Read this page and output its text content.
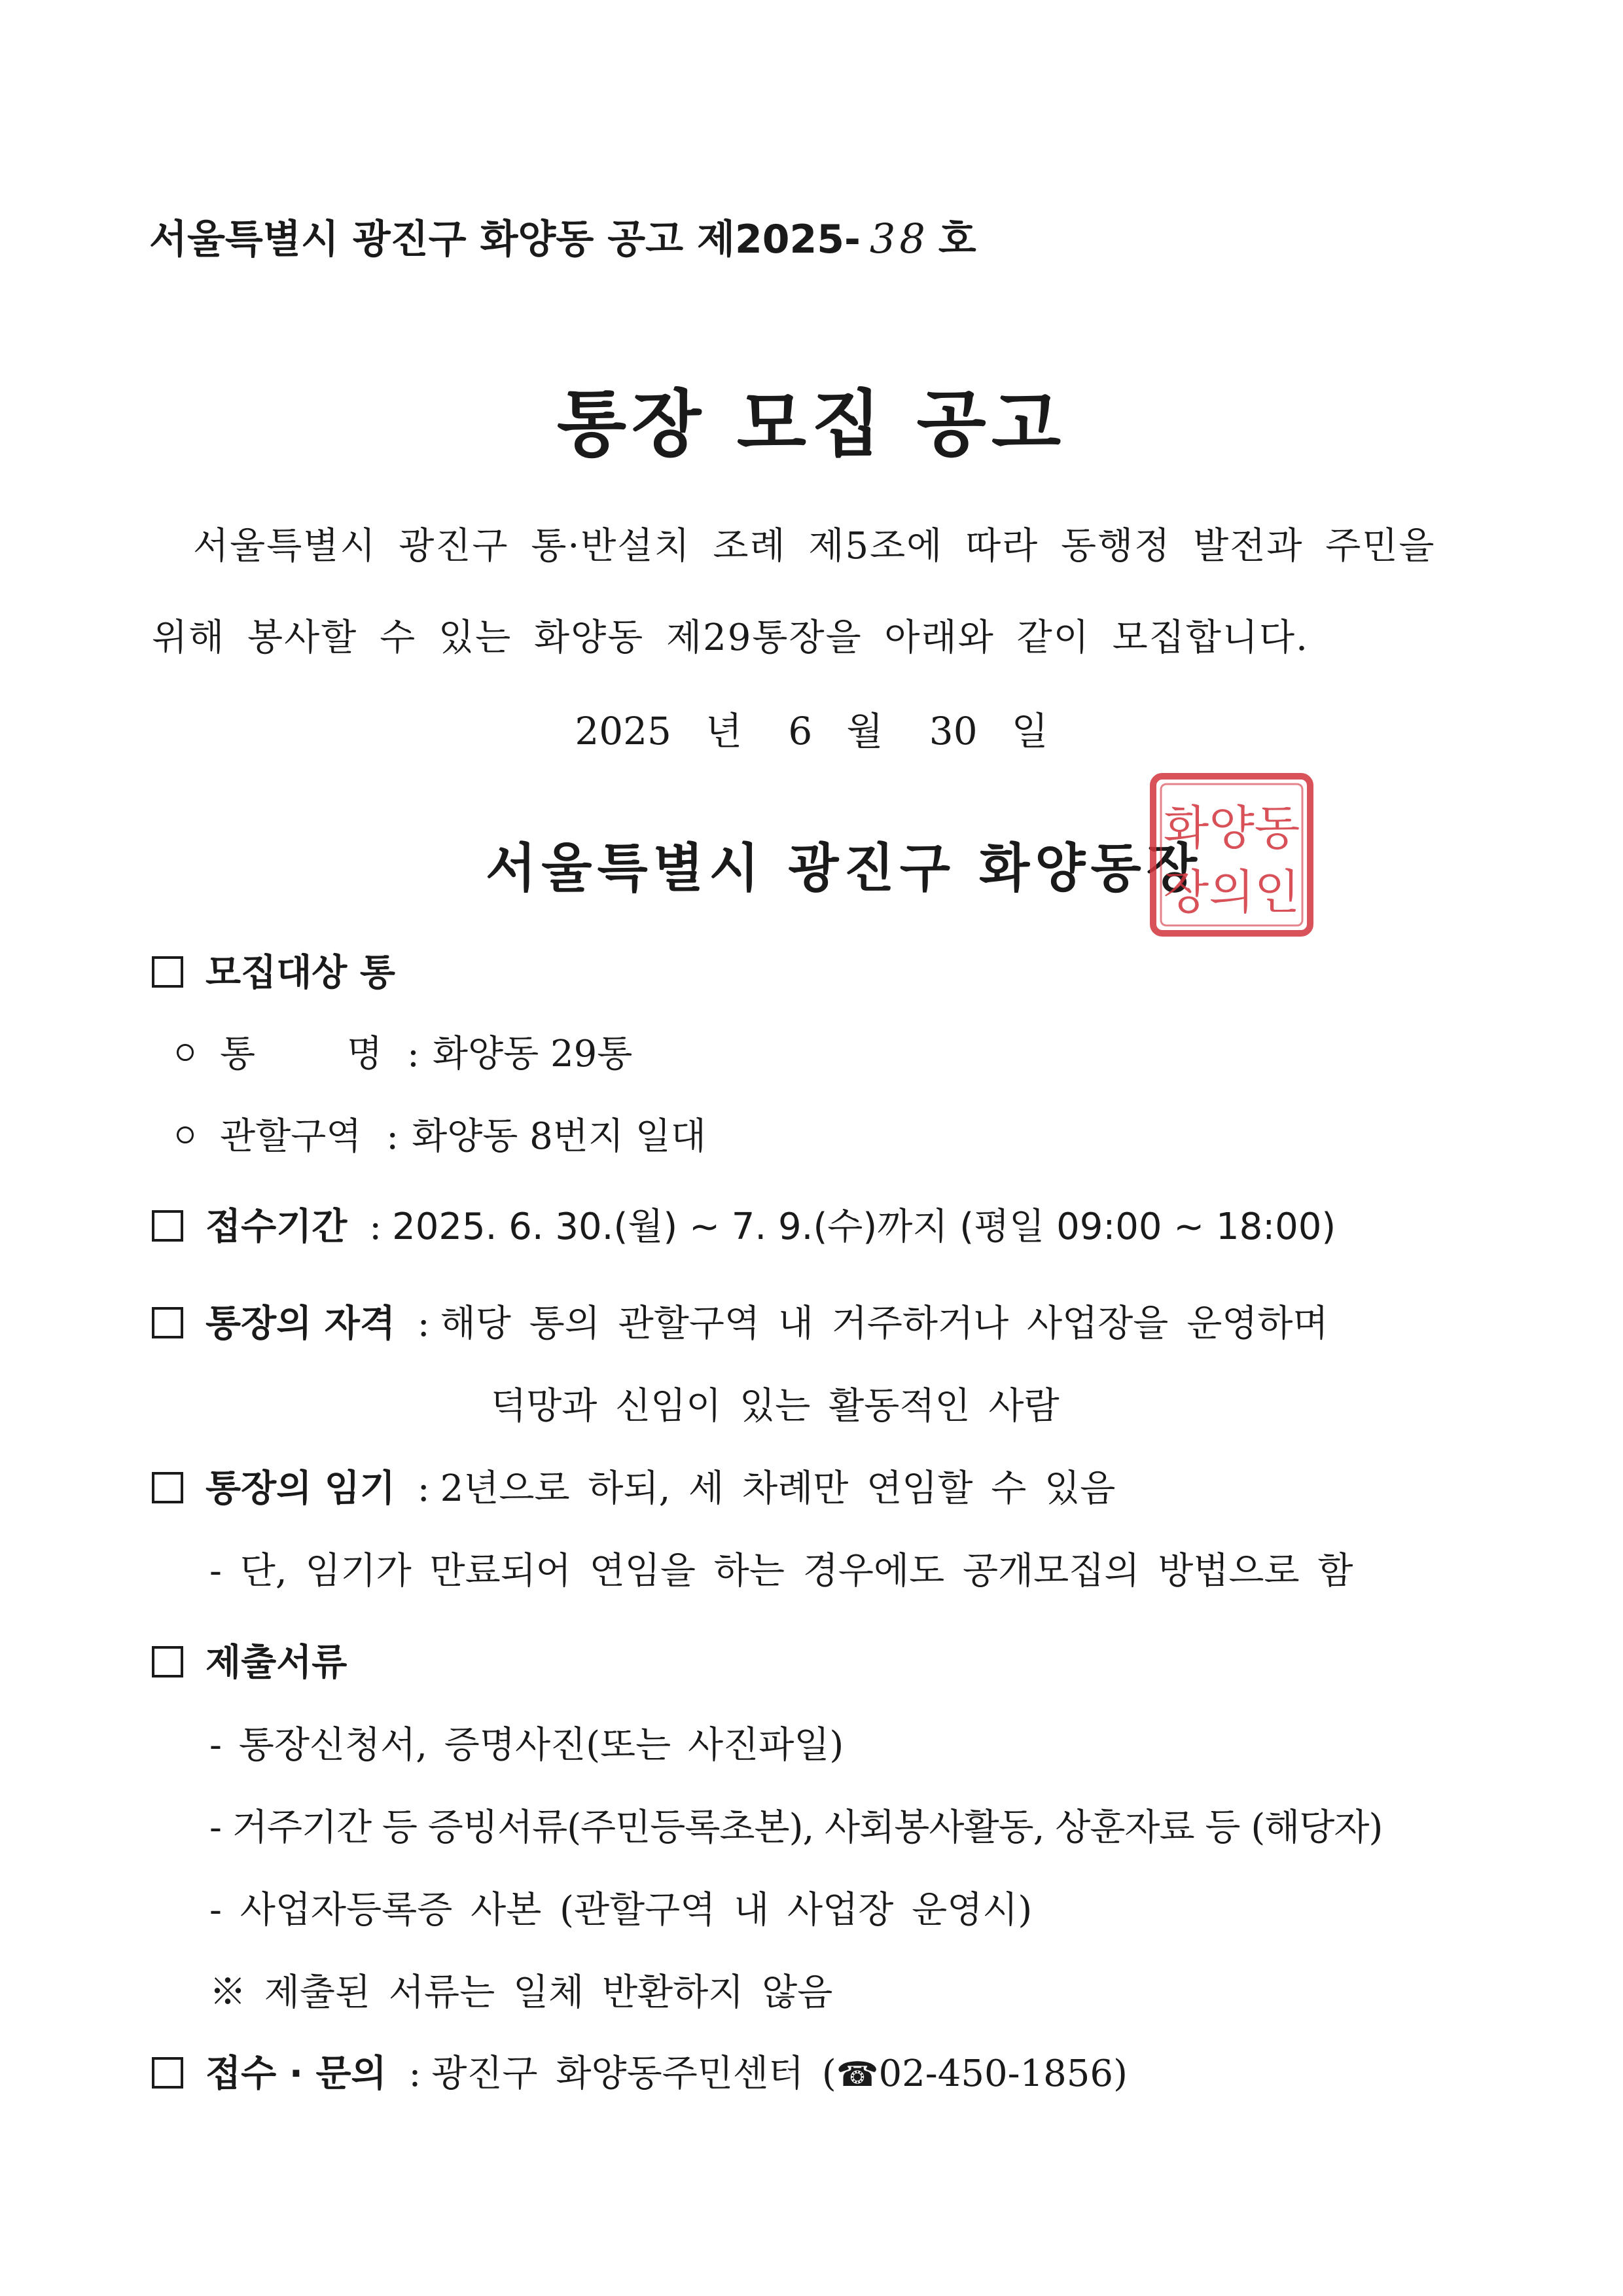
서울특별시 광진구 화양동 공고 제2025- 38 호
통장 모집 공고
서울특별시 광진구 통·반설치 조례 제5조에 따라 동행정 발전과 주민을
위해 봉사할 수 있는 화양동 제29통장을 아래와 같이 모집합니다.
2025 년 6 월 30 일
서울특별시 광진구 화양동장
화양동
장의인
모집대상 통
통	명 : 화양동 29통
관할구역 : 화양동 8번지 일대
접수기간 : 2025. 6. 30.(월) ~ 7. 9.(수)까지 (평일 09:00 ~ 18:00)
통장의 자격 : 해당 통의 관할구역 내 거주하거나 사업장을 운영하며
덕망과 신임이 있는 활동적인 사람
통장의 임기 : 2년으로 하되, 세 차례만 연임할 수 있음
- 단, 임기가 만료되어 연임을 하는 경우에도 공개모집의 방법으로 함
제출서류
- 통장신청서, 증명사진(또는 사진파일)
- 거주기간 등 증빙서류(주민등록초본), 사회봉사활동, 상훈자료 등 (해당자)
- 사업자등록증 사본 (관할구역 내 사업장 운영시)
※ 제출된 서류는 일체 반환하지 않음
접수 · 문의 : 광진구 화양동주민센터 (☎02-450-1856)
